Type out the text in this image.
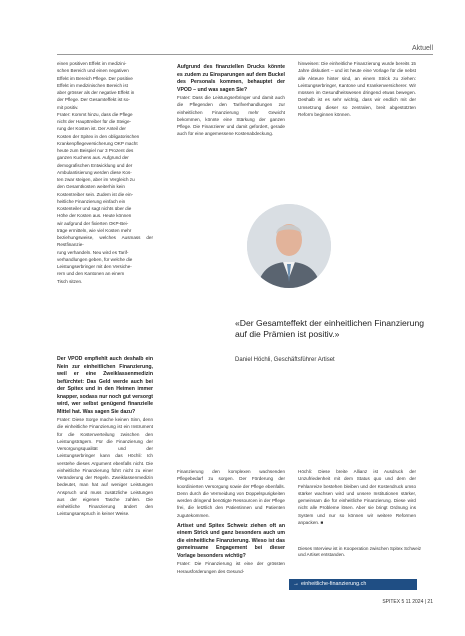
Aktuell

einen positiven Effekt im medizini-

schen Bereich und einen negativen

Effekt im Bereich Pflege. Der positive

Effekt im medizinischen Bereich ist

aber grösser als der negative Effekt in

der Pflege. Der Gesamteffekt ist so-

mit positiv.

Frater: Kommt hinzu, dass die Pflege

nicht der Haupttreiber für die Steige-

rung der Kosten ist. Der Anteil der

Kosten der Spitex in den obligatorischen

Krankenpflegeversicherung OKP macht

heute zum Beispiel nur 3 Prozent des

ganzen Kuchens aus. Aufgrund der

demografischen Entwicklung und der

Ambulantisierung werden diese Kos-

ten zwar steigen, aber im Vergleich zu

den Gesamtkosten weiterhin kein

Kostentreiber sein. Zudem ist die ein-

heitliche Finanzierung einfach ein

Kostenteiler und sagt nichts über die

Höhe der Kosten aus. Heute können

wir aufgrund der fixierten OKP-Bei-

träge ermitteln, wie viel Kosten mehr

beziehungsweise, welches Ausmass der Restfinanzie-

rung verhandeln. Neu wird es Tarif-

verhandlungen geben, für welche die

Leistungserbringer mit den Versiche-

rern und den Kantonen an einem

Tisch sitzen.

Der VPOD empfiehlt auch deshalb ein Nein zur einheitlichen Finanzierung, weil er eine Zweiklassenmedizin befürchtet: Das Geld werde auch bei der Spitex und in den Heimen immer knapper, sodass nur noch gut versorgt wird, wer selbst genügend finanzielle Mittel hat. Was sagen Sie dazu?

Frater: Diese Sorge mache keinen Sinn, denn die einheitliche Finanzierung ist ein Instrument für die Kostenverteilung zwischen den Leistungsträgern. Für die Finanzierung der Versorgungsqualität und der Leistungserbringer kann das Höchli: Ich verstehe dieses Argument ebenfalls nicht. Die einheitliche Finanzierung führt nicht zu einer Veränderung der Regeln. Zweiklassenmedizin bedeutet, man hat auf weniger Leistungen Anspruch und muss zusätzliche Leistungen aus der eigenen Tasche zahlen. Die einheitliche Finanzierung ändert den Leistungsanspruch in keiner Weise.

Aufgrund des finanziellen Drucks könnte es zudem zu Einsparungen auf dem Buckel des Personals kommen, behauptet der VPOD – und was sagen Sie?

Frater: Dass die Leistungserbringer und damit auch die Pflegenden den Tarifverhandlungen zur einheitlichen Finanzierung mehr Gewicht bekommen, könnte eine Stärkung der ganzen Pflege. Die Finanzierer und damit gefordert, gerade auch für eine angemessene Kostenabdeckung.

hinweisen: Die einheitliche Finanzierung wurde bereits 15 Jahre diskutiert – und ist heute eine Vorlage für die nebst alle Akteure hinter sind, an einem Strick zu ziehen: Leistungserbringer, Kantone und Krankenversicherer. Wir müssen im Gesundheitswesen dringend etwas bewegen. Deshalb ist es sehr wichtig, dass wir endlich mit der Umsetzung dieser so zentralen, breit abgestützten Reform beginnen können.

«Der Gesamteffekt der einheitlichen Finanzierung auf die Prämien ist positiv.»
Daniel Höchli, Geschäftsführer Artiset

Finanzierung den komplexen wachsenden Pflegebedarf zu sorgen. Der Förderung der koordinierten Versorgung sowie der Pflege ebenfalls. Denn durch die Vermeidung von Doppelspurigkeiten werden dringend benötigte Ressourcen in der Pflege frei, die letztlich den Patientinnen und Patienten zugutekommen.

Artiset und Spitex Schweiz ziehen oft an einem Strick und ganz besonders auch um die einheitliche Finanzierung. Wieso ist das gemeinsame Engagement bei dieser Vorlage besonders wichtig?

Frater: Die Finanzierung ist eine der grössten Herausforderungen des Gesund-

Höchli: Diese breite Allianz ist Ausdruck der Unzufriedenheit mit dem Status quo und dem der Fehlanreize bestehen bleiben und der Kostendruck umso stärker wachsen wird und unsere Institutionen stärker, gemeinsam die für einheitliche Finanzierung. Diese wird nicht alle Probleme lösen. Aber sie bringt Ordnung ins System und nur so können wir weitere Reformen anpacken. ■

Dieses Interview ist in Kooperation zwischen Spitex Schweiz und Artiset entstanden.
→ einheitliche-finanzierung.ch
SPITEX 5 11 2024 | 21
